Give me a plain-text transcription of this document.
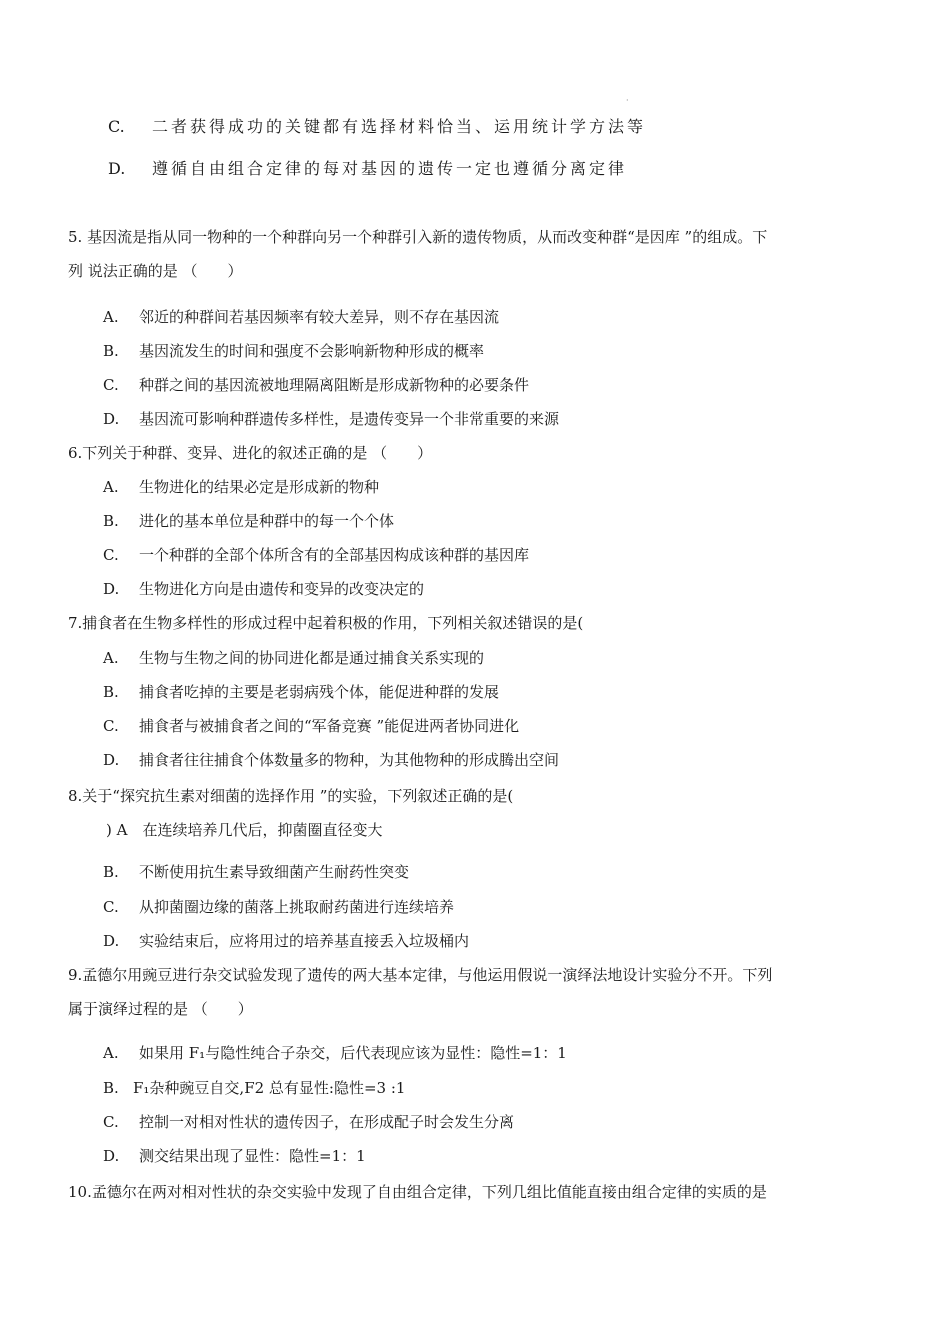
·
C. 二者获得成功的关键都有选择材料恰当、运用统计学方法等
D. 遵循自由组合定律的每对基因的遗传一定也遵循分离定律
5. 基因流是指从同一物种的一个种群向另一个种群引入新的遗传物质，从而改变种群“是因库 ”的组成。下
列 说法正确的是 （　　）
A. 邻近的种群间若基因频率有较大差异，则不存在基因流
B. 基因流发生的时间和强度不会影响新物种形成的概率
C. 种群之间的基因流被地理隔离阻断是形成新物种的必要条件
D. 基因流可影响种群遗传多样性，是遗传变异一个非常重要的来源
6.下列关于种群、变异、进化的叙述正确的是 （　　）
A. 生物进化的结果必定是形成新的物种
B. 进化的基本单位是种群中的每一个个体
C. 一个种群的全部个体所含有的全部基因构成该种群的基因库
D. 生物进化方向是由遗传和变异的改变决定的
7.捕食者在生物多样性的形成过程中起着积极的作用，下列相关叙述错误的是(
A. 生物与生物之间的协同进化都是通过捕食关系实现的
B. 捕食者吃掉的主要是老弱病残个体，能促进种群的发展
C. 捕食者与被捕食者之间的“军备竞赛 ”能促进两者协同进化
D. 捕食者往往捕食个体数量多的物种，为其他物种的形成腾出空间
8.关于“探究抗生素对细菌的选择作用 ”的实验，下列叙述正确的是(
) A　在连续培养几代后，抑菌圈直径变大
B. 不断使用抗生素导致细菌产生耐药性突变
C. 从抑菌圈边缘的菌落上挑取耐药菌进行连续培养
D. 实验结束后，应将用过的培养基直接丢入垃圾桶内
9.孟德尔用豌豆进行杂交试验发现了遗传的两大基本定律，与他运用假说一演绎法地设计实验分不开。下列
属于演绎过程的是 （　　）
A. 如果用 F₁与隐性纯合子杂交，后代表现应该为显性：隐性=1：1
B. F₁杂种豌豆自交,F2 总有显性:隐性=3 :1
C. 控制一对相对性状的遗传因子，在形成配子时会发生分离
D. 测交结果出现了显性：隐性=1：1
10.孟德尔在两对相对性状的杂交实验中发现了自由组合定律，下列几组比值能直接由组合定律的实质的是
